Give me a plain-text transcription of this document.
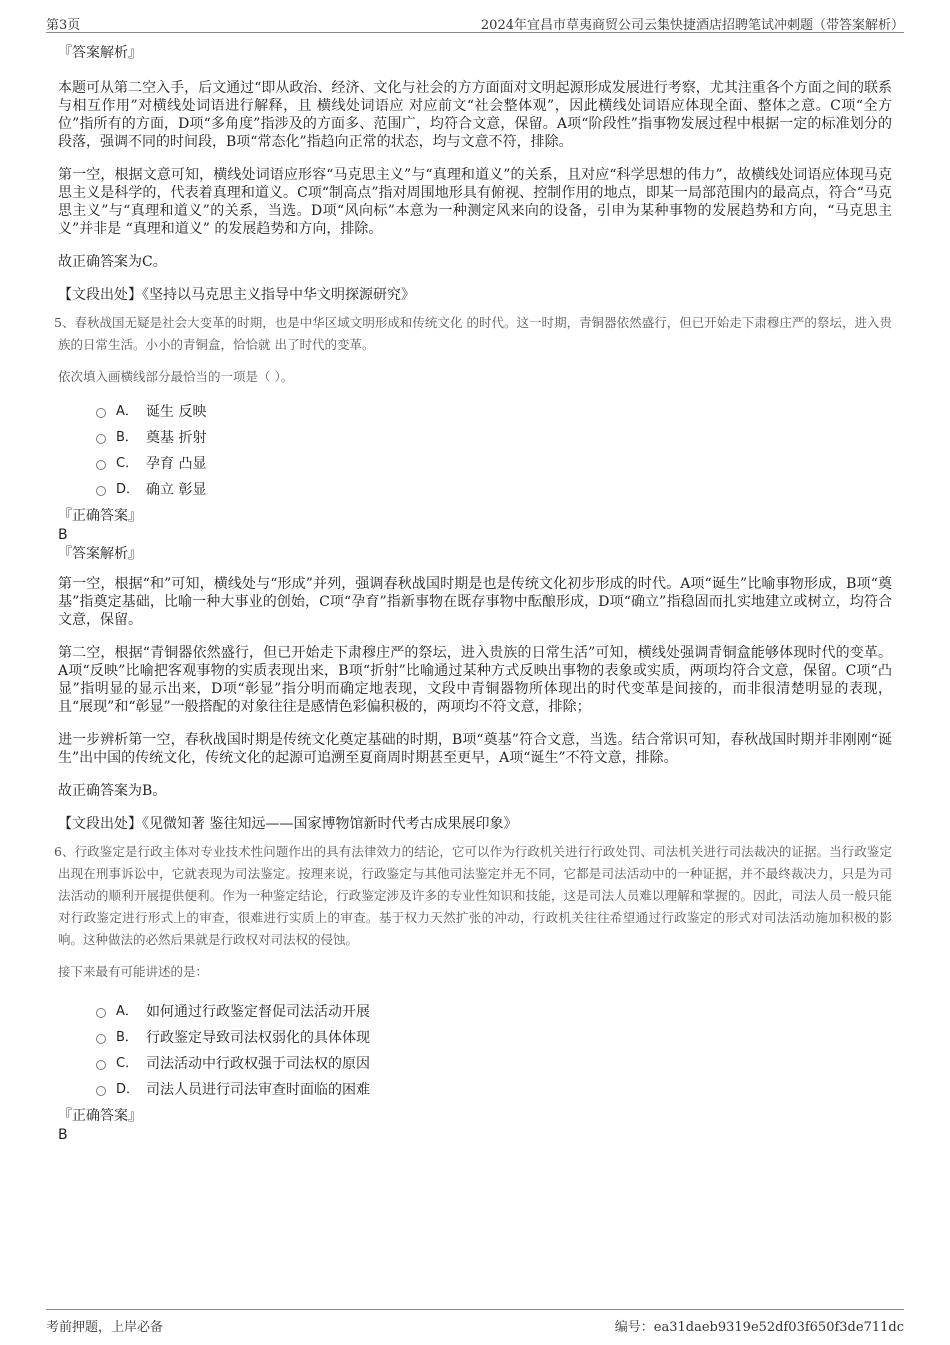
第3页	2024年宜昌市草夷商贸公司云集快捷酒店招聘笔试冲刺题（带答案解析）
『答案解析』

本题可从第二空入手，后文通过“即从政治、经济、文化与社会的方方面面对文明起源形成发展进行考察，尤其注重各个方面之间的联系与相互作用”对横线处词语进行解释，且 横线处词语应 对应前文“社会整体观”，因此横线处词语应体现全面、整体之意。C项“全方位”指所有的方面，D项“多角度”指涉及的方面多、范围广，均符合文意，保留。A项“阶段性”指事物发展过程中根据一定的标准划分的段落，强调不同的时间段，B项“常态化”指趋向正常的状态，均与文意不符，排除。

第一空，根据文意可知，横线处词语应形容“马克思主义”与“真理和道义”的关系，且对应“科学思想的伟力”，故横线处词语应体现马克思主义是科学的，代表着真理和道义。C项“制高点”指对周围地形具有俯视、控制作用的地点，即某一局部范围内的最高点，符合“马克思主义”与“真理和道义”的关系，当选。D项“风向标”本意为一种测定风来向的设备，引申为某种事物的发展趋势和方向，“马克思主义”并非是 “真理和道义” 的发展趋势和方向，排除。

故正确答案为C。

【文段出处】《坚持以马克思主义指导中华文明探源研究》

5、春秋战国无疑是社会大变革的时期，也是中华区域文明形成和传统文化 的时代。这一时期，青铜器依然盛行，但已开始走下肃穆庄严的祭坛，进入贵族的日常生活。小小的青铜盒，恰恰就 出了时代的变革。

依次填入画横线部分最恰当的一项是（ ）。
A． 诞生 反映
B． 奠基 折射
C． 孕育 凸显
D． 确立 彰显
『正确答案』
B
『答案解析』

第一空，根据“和”可知，横线处与“形成”并列，强调春秋战国时期是也是传统文化初步形成的时代。A项“诞生”比喻事物形成，B项“奠基”指奠定基础，比喻一种大事业的创始，C项“孕育”指新事物在既存事物中酝酿形成，D项“确立”指稳固而扎实地建立或树立，均符合文意，保留。

第二空，根据“青铜器依然盛行，但已开始走下肃穆庄严的祭坛，进入贵族的日常生活”可知，横线处强调青铜盒能够体现时代的变革。A项“反映”比喻把客观事物的实质表现出来，B项“折射”比喻通过某种方式反映出事物的表象或实质，两项均符合文意，保留。C项“凸显”指明显的显示出来，D项“彰显”指分明而确定地表现，文段中青铜器物所体现出的时代变革是间接的，而非很清楚明显的表现，且“展现”和“彰显”一般搭配的对象往往是感情色彩偏积极的，两项均不符文意，排除；

进一步辨析第一空，春秋战国时期是传统文化奠定基础的时期，B项“奠基”符合文意，当选。结合常识可知，春秋战国时期并非刚刚“诞生”出中国的传统文化，传统文化的起源可追溯至夏商周时期甚至更早，A项“诞生”不符文意，排除。

故正确答案为B。

【文段出处】《见微知著 鉴往知远——国家博物馆新时代考古成果展印象》

6、行政鉴定是行政主体对专业技术性问题作出的具有法律效力的结论，它可以作为行政机关进行行政处罚、司法机关进行司法裁决的证据。当行政鉴定出现在刑事诉讼中，它就表现为司法鉴定。按理来说，行政鉴定与其他司法鉴定并无不同，它都是司法活动中的一种证据，并不最终裁决力，只是为司法活动的顺利开展提供便利。作为一种鉴定结论，行政鉴定涉及许多的专业性知识和技能，这是司法人员难以理解和掌握的。因此，司法人员一般只能对行政鉴定进行形式上的审查，很难进行实质上的审查。基于权力天然扩张的冲动，行政机关往往希望通过行政鉴定的形式对司法活动施加积极的影响。这种做法的必然后果就是行政权对司法权的侵蚀。

接下来最有可能讲述的是：
A． 如何通过行政鉴定督促司法活动开展
B． 行政鉴定导致司法权弱化的具体体现
C． 司法活动中行政权强于司法权的原因
D． 司法人员进行司法审查时面临的困难
『正确答案』
B
考前押题，上岸必备	编号：ea31daeb9319e52df03f650f3de711dc
